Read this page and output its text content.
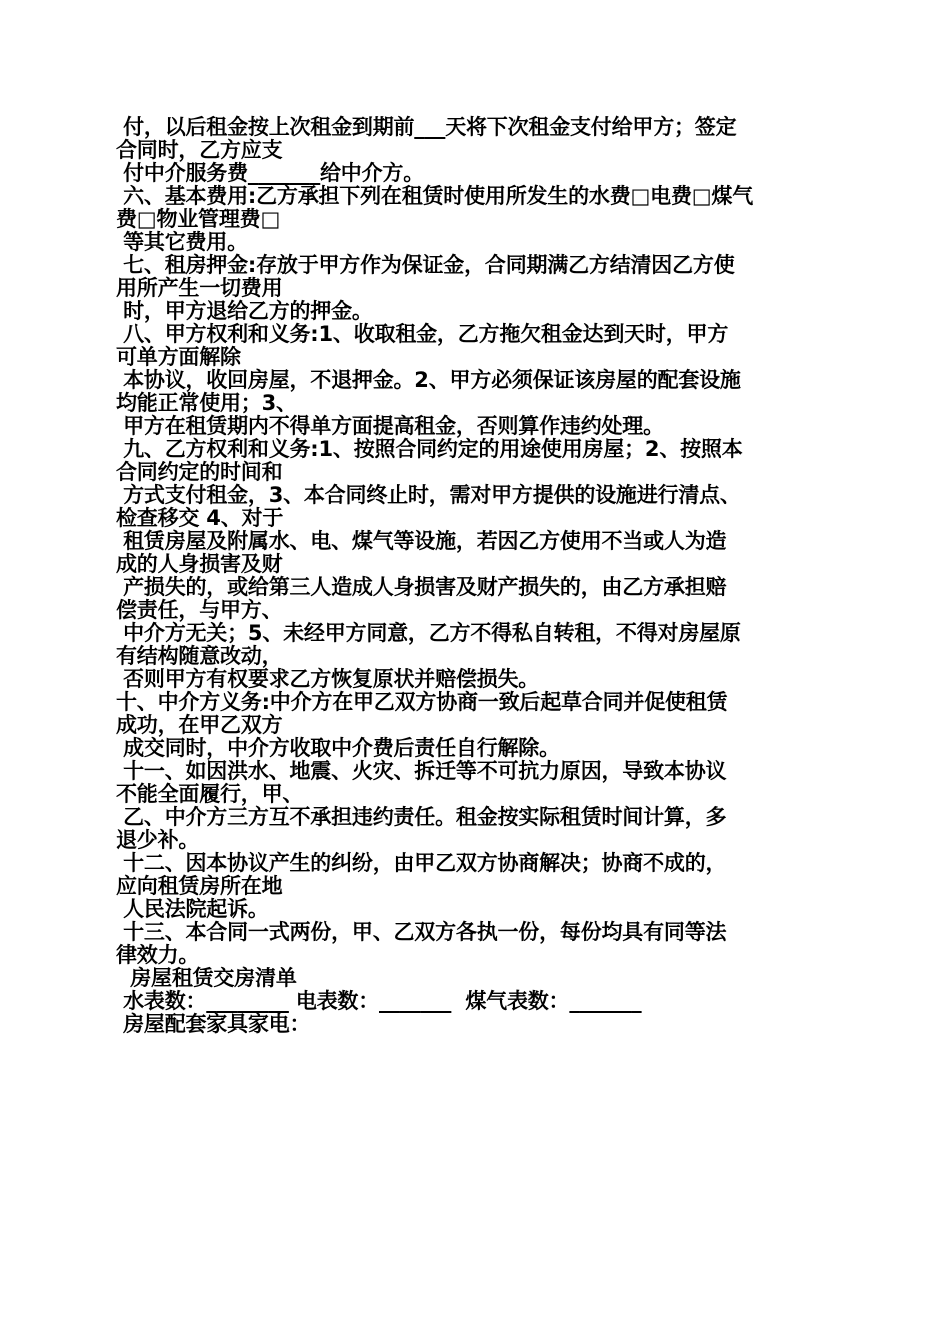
付，以后租金按上次租金到期前___天将下次租金支付给甲方；签定
合同时，乙方应支
付中介服务费_______给中介方。
六、基本费用:乙方承担下列在租赁时使用所发生的水费□电费□煤气
费□物业管理费□
等其它费用。
七、租房押金:存放于甲方作为保证金，合同期满乙方结清因乙方使
用所产生一切费用
时，甲方退给乙方的押金。
八、甲方权利和义务:1、收取租金，乙方拖欠租金达到天时，甲方
可单方面解除
本协议，收回房屋，不退押金。2、甲方必须保证该房屋的配套设施
均能正常使用；3、
甲方在租赁期内不得单方面提高租金，否则算作违约处理。
九、乙方权利和义务:1、按照合同约定的用途使用房屋；2、按照本
合同约定的时间和
方式支付租金，3、本合同终止时，需对甲方提供的设施进行清点、
检查移交 4、对于
租赁房屋及附属水、电、煤气等设施，若因乙方使用不当或人为造
成的人身损害及财
产损失的，或给第三人造成人身损害及财产损失的，由乙方承担赔
偿责任，与甲方、
中介方无关；5、未经甲方同意，乙方不得私自转租，不得对房屋原
有结构随意改动，
否则甲方有权要求乙方恢复原状并赔偿损失。
十、中介方义务:中介方在甲乙双方协商一致后起草合同并促使租赁
成功，在甲乙双方
成交同时，中介方收取中介费后责任自行解除。
十一、如因洪水、地震、火灾、拆迁等不可抗力原因，导致本协议
不能全面履行，甲、
乙、中介方三方互不承担违约责任。租金按实际租赁时间计算，多
退少补。
十二、因本协议产生的纠纷，由甲乙双方协商解决；协商不成的，
应向租赁房所在地
人民法院起诉。
十三、本合同一式两份，甲、乙双方各执一份，每份均具有同等法
律效力。
房屋租赁交房清单
水表数：________ 电表数：_______  煤气表数：_______
房屋配套家具家电：
